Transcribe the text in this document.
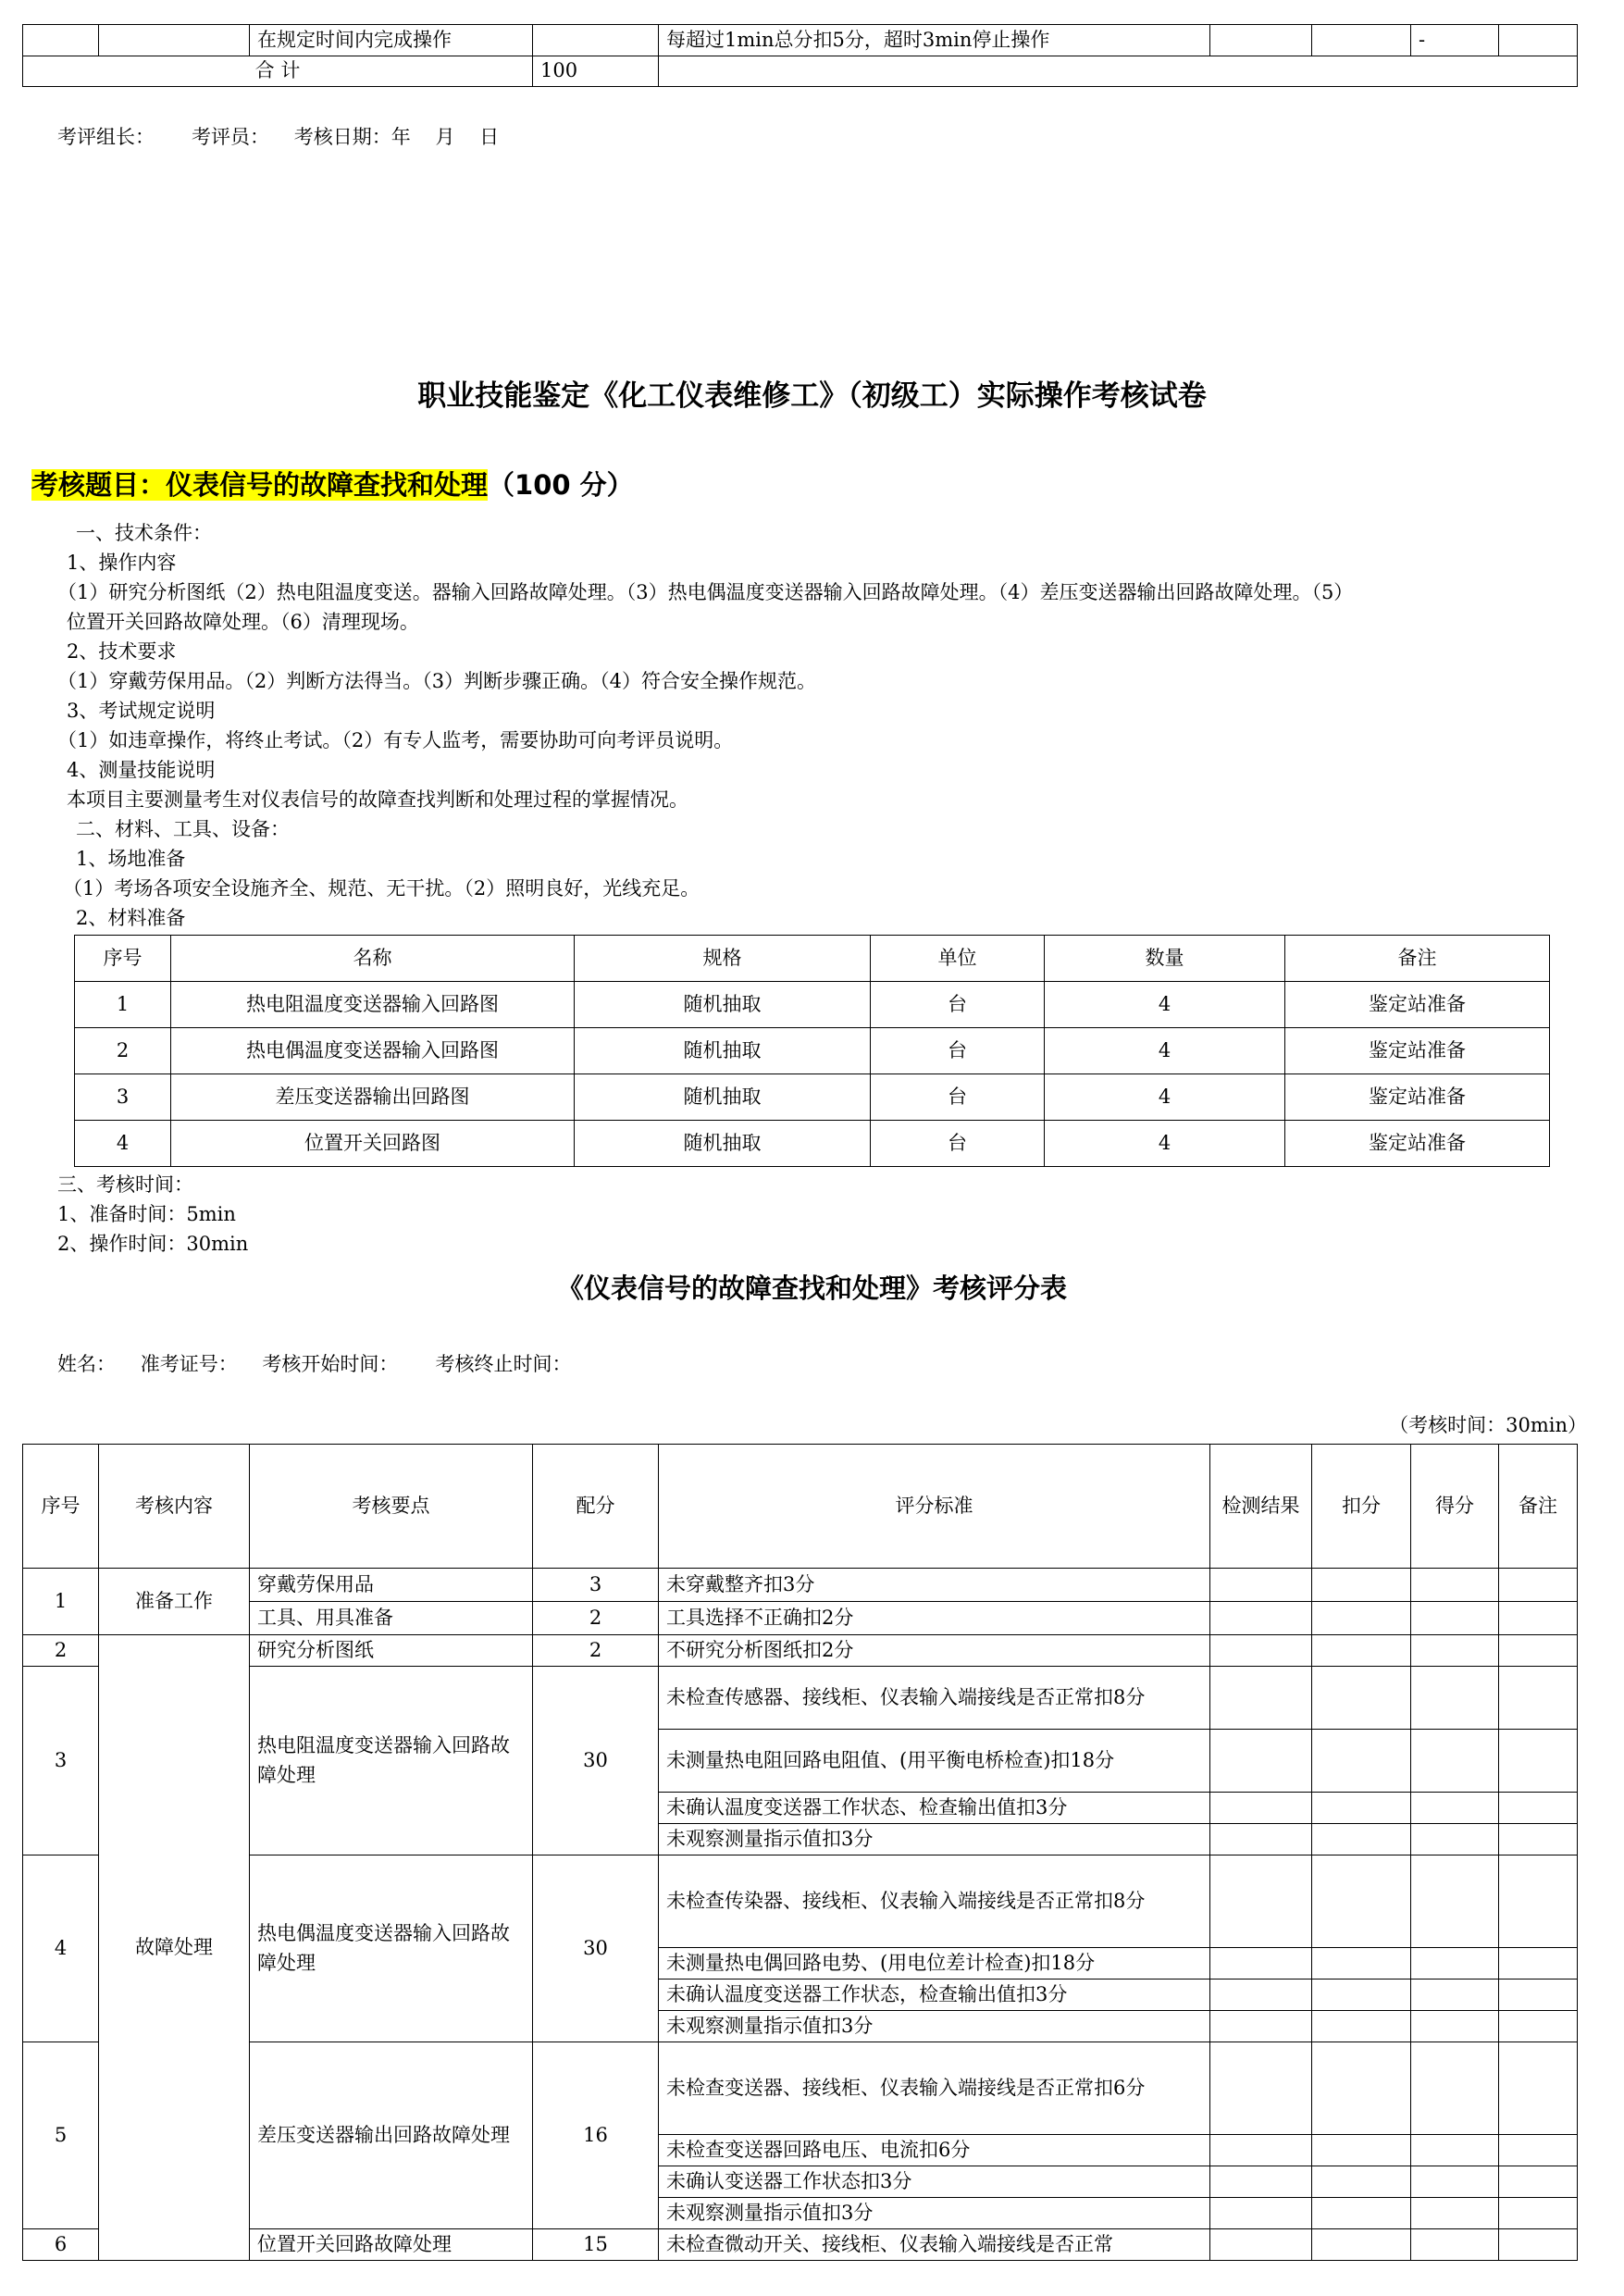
		在规定时间内完成操作		每超过1min总分扣5分，超时3min停止操作			-	
合 计			100					
考评组长：      考评员：    考核日期：年    月    日
职业技能鉴定《化工仪表维修工》（初级工）实际操作考核试卷
考核题目：仪表信号的故障查找和处理（100 分）
一、技术条件：
1、操作内容
（1）研究分析图纸（2）热电阻温度变送。器输入回路故障处理。（3）热电偶温度变送器输入回路故障处理。（4）差压变送器输出回路故障处理。（5）
位置开关回路故障处理。（6）清理现场。
2、技术要求
（1）穿戴劳保用品。（2）判断方法得当。（3）判断步骤正确。（4）符合安全操作规范。
3、考试规定说明
（1）如违章操作，将终止考试。（2）有专人监考，需要协助可向考评员说明。
4、测量技能说明
本项目主要测量考生对仪表信号的故障查找判断和处理过程的掌握情况。
二、材料、工具、设备：
1、场地准备
（1）考场各项安全设施齐全、规范、无干扰。（2）照明良好，光线充足。
2、材料准备
序号	名称	规格	单位	数量	备注
1	热电阻温度变送器输入回路图	随机抽取	台	4	鉴定站准备
2	热电偶温度变送器输入回路图	随机抽取	台	4	鉴定站准备
3	差压变送器输出回路图	随机抽取	台	4	鉴定站准备
4	位置开关回路图	随机抽取	台	4	鉴定站准备
三、考核时间：
1、准备时间：5min
2、操作时间：30min
《仪表信号的故障查找和处理》考核评分表
姓名：    准考证号：    考核开始时间：      考核终止时间：
（考核时间：30min）
序号	考核内容	考核要点	配分	评分标准	检测结果	扣分	得分	备注
1	准备工作	穿戴劳保用品	3	未穿戴整齐扣3分				
		工具、用具准备	2	工具选择不正确扣2分				
2	故障处理	研究分析图纸	2	不研究分析图纸扣2分				
3		热电阻温度变送器输入回路故障处理	30	未检查传感器、接线柜、仪表输入端接线是否正常扣8分				
				未测量热电阻回路电阻值、(用平衡电桥检查)扣18分				
				未确认温度变送器工作状态、检查输出值扣3分				
				未观察测量指示值扣3分				
4		热电偶温度变送器输入回路故障处理	30	未检查传染器、接线柜、仪表输入端接线是否正常扣8分				
				未测量热电偶回路电势、(用电位差计检查)扣18分				
				未确认温度变送器工作状态，检查输出值扣3分				
				未观察测量指示值扣3分				
5		差压变送器输出回路故障处理	16	未检查变送器、接线柜、仪表输入端接线是否正常扣6分				
				未检查变送器回路电压、电流扣6分				
				未确认变送器工作状态扣3分				
				未观察测量指示值扣3分				
6		位置开关回路故障处理	15	未检查微动开关、接线柜、仪表输入端接线是否正常				
